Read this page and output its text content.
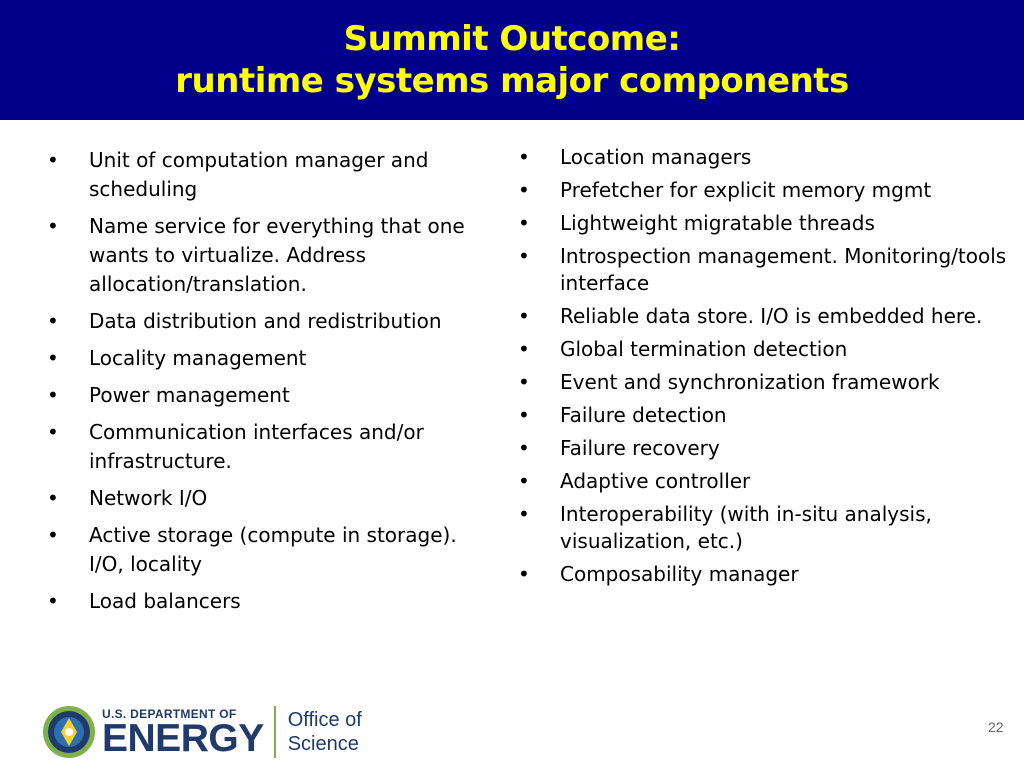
Summit Outcome:
runtime systems major components
• Unit of computation manager and scheduling
• Name service for everything that one wants to virtualize. Address allocation/translation.
• Data distribution and redistribution
• Locality management
• Power management
• Communication interfaces and/or infrastructure.
• Network I/O
• Active storage (compute in storage). I/O, locality
• Load balancers
• Location managers
• Prefetcher for explicit memory mgmt
• Lightweight migratable threads
• Introspection management. Monitoring/tools interface
• Reliable data store. I/O is embedded here.
• Global termination detection
• Event and synchronization framework
• Failure detection
• Failure recovery
• Adaptive controller
• Interoperability (with in-situ analysis, visualization, etc.)
• Composability manager
U.S. DEPARTMENT OF
ENERGY Office of
Science
22
